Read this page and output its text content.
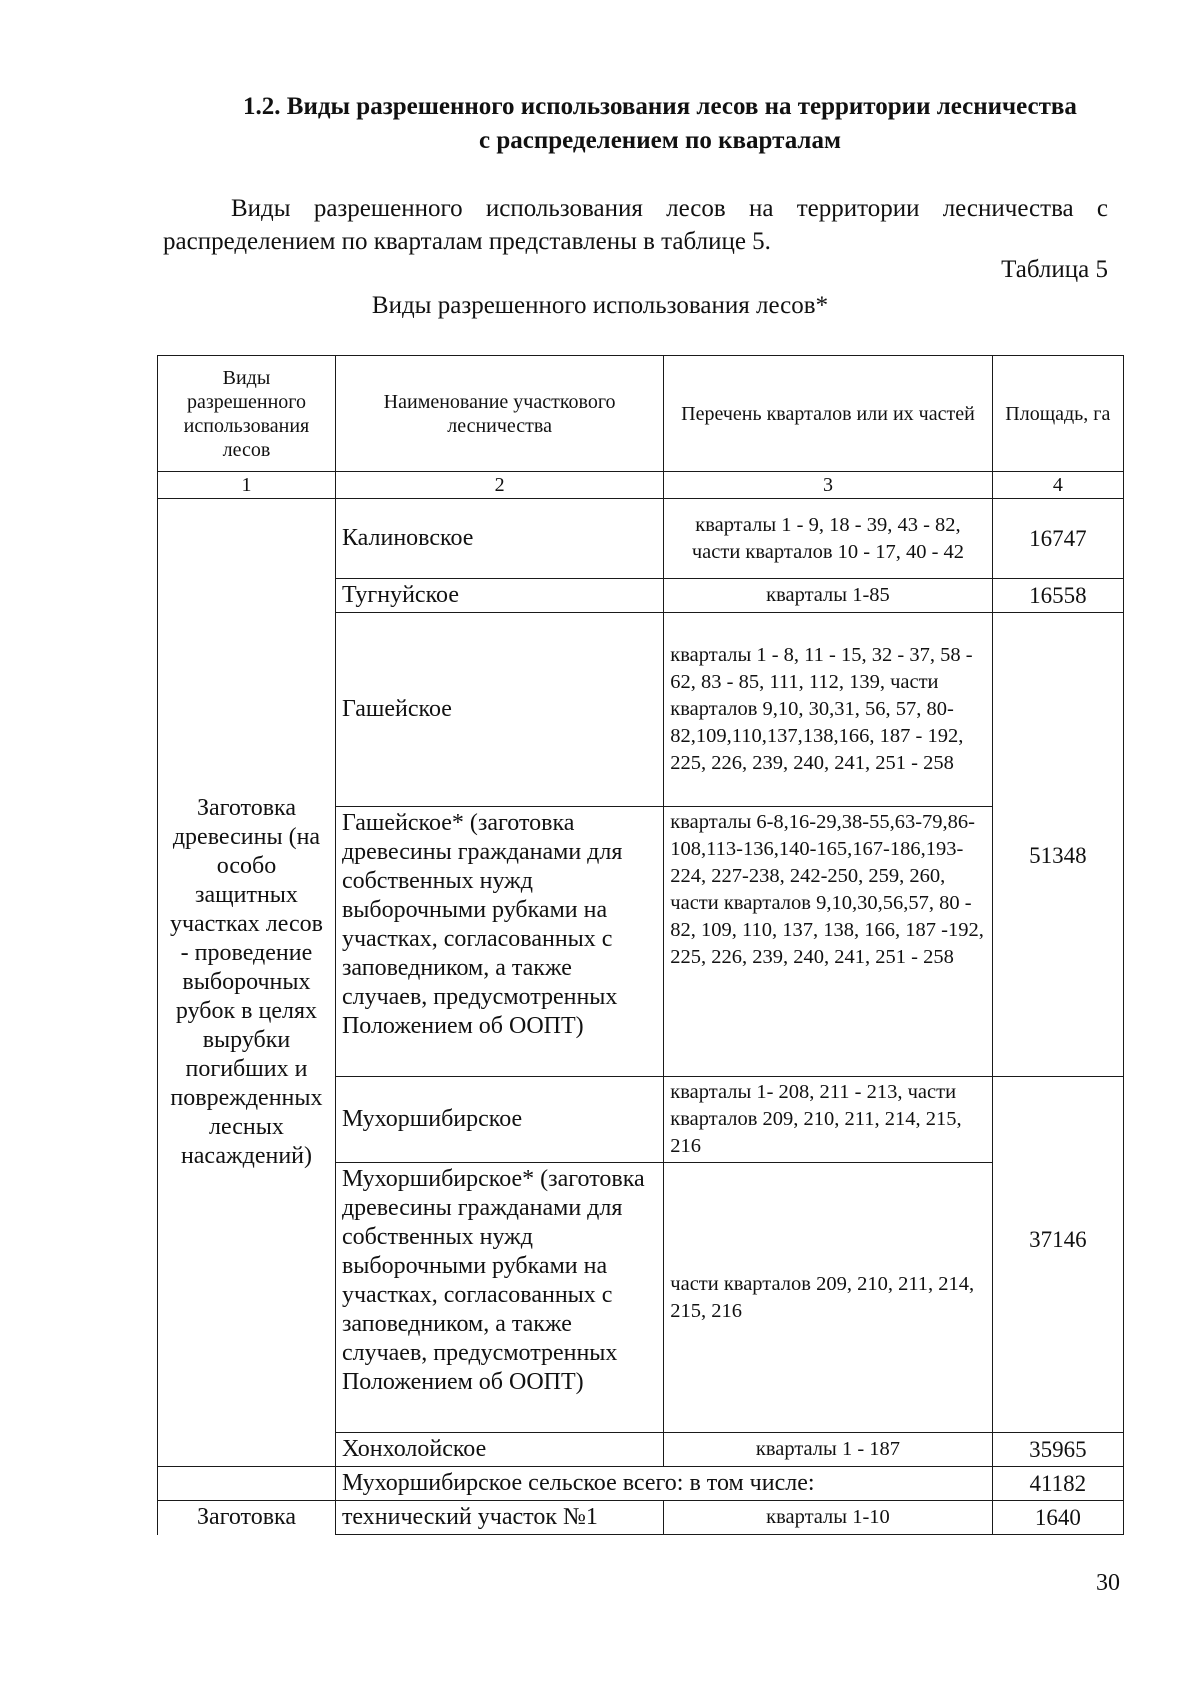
1.2. Виды разрешенного использования лесов на территории лесничества с распределением по кварталам
Виды разрешенного использования лесов на территории лесничества с распределением по кварталам представлены в таблице 5.
Таблица 5
Виды разрешенного использования лесов*
Виды разрешенного использования лесов	Наименование участкового лесничества	Перечень кварталов или их частей	Площадь, га
1	2	3	4
Заготовка древесины (на особо защитных участках лесов - проведение выборочных рубок в целях вырубки погибших и поврежденных лесных насаждений)	Калиновское	кварталы 1 - 9, 18 - 39, 43 - 82, части кварталов 10 - 17, 40 - 42	16747
	Тугнуйское	кварталы 1-85	16558
	Гашейское	кварталы 1 - 8, 11 - 15, 32 - 37, 58 - 62, 83 - 85, 111, 112, 139, части кварталов 9,10, 30,31, 56, 57, 80-82,109,110,137,138,166, 187 - 192, 225, 226, 239, 240, 241, 251 - 258	51348
	Гашейское* (заготовка древесины гражданами для собственных нужд выборочными рубками на участках, согласованных с заповедником, а также случаев, предусмотренных Положением об ООПТ)	кварталы 6-8,16-29,38-55,63-79,86-108,113-136,140-165,167-186,193-224, 227-238, 242-250, 259, 260, части кварталов 9,10,30,56,57, 80 - 82, 109, 110, 137, 138, 166, 187 -192, 225, 226, 239, 240, 241, 251 - 258	
	Мухоршибирское	кварталы 1- 208, 211 - 213, части кварталов 209, 210, 211, 214, 215, 216	37146
	Мухоршибирское* (заготовка древесины гражданами для собственных нужд выборочными рубками на участках, согласованных с заповедником, а также случаев, предусмотренных Положением об ООПТ)	части кварталов 209, 210, 211, 214, 215, 216	
	Хонхолойское	кварталы 1 - 187	35965
	Мухоршибирское сельское всего: в том числе:		41182
Заготовка	технический участок №1	кварталы 1-10	1640
30
